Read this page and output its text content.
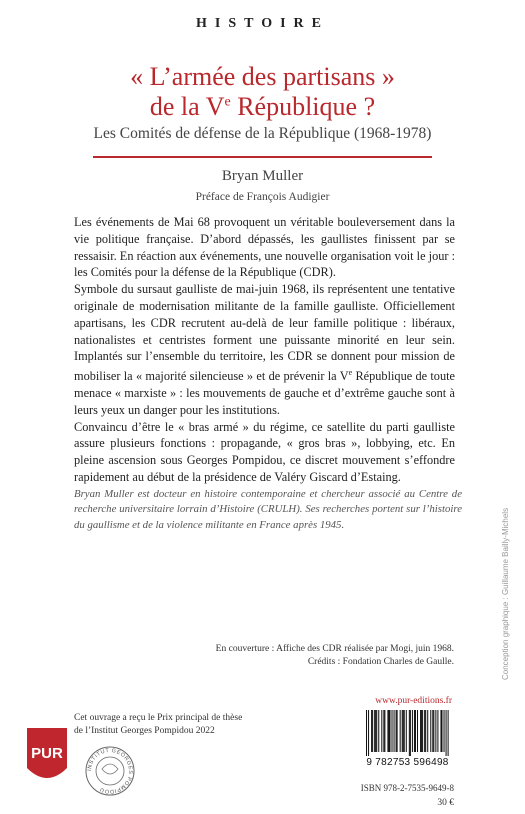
HISTOIRE
« L’armée des partisans »
de la Ve République ?
Les Comités de défense de la République (1968-1978)
Bryan Muller
Préface de François Audigier

Les événements de Mai 68 provoquent un véritable bouleversement dans la vie politique française. D’abord dépassés, les gaullistes finissent par se ressaisir. En réaction aux événements, une nouvelle organisation voit le jour : les Comités pour la défense de la République (CDR).

Symbole du sursaut gaulliste de mai-juin 1968, ils représentent une tentative originale de modernisation militante de la famille gaulliste. Officiellement apartisans, les CDR recrutent au-delà de leur famille politique : libéraux, nationalistes et centristes forment une puissante minorité en leur sein. Implantés sur l’ensemble du territoire, les CDR se donnent pour mission de mobiliser la « majorité silencieuse » et de prévenir la Ve République de toute menace « marxiste » : les mouvements de gauche et d’extrême gauche sont à leurs yeux un danger pour les institutions.

Convaincu d’être le « bras armé » du régime, ce satellite du parti gaulliste assure plusieurs fonctions : propagande, « gros bras », lobbying, etc. En pleine ascension sous Georges Pompidou, ce discret mouvement s’effondre rapidement au début de la présidence de Valéry Giscard d’Estaing.

Bryan Muller est docteur en histoire contemporaine et chercheur associé au Centre de recherche universitaire lorrain d’Histoire (CRULH). Ses recherches portent sur l’histoire du gaullisme et de la violence militante en France après 1945.	Conception graphique : Guillaume Bailly-Michels
En couverture : Affiche des CDR réalisée par Mogi, juin 1968.
Crédits : Fondation Charles de Gaulle.
www.pur-editions.fr
9 782753 596498
ISBN 978-2-7535-9649-8
30 €
Cet ouvrage a reçu le Prix principal de thèse
de l’Institut Georges Pompidou 2022
PUR
INSTITUT GEORGES POMPIDOU
